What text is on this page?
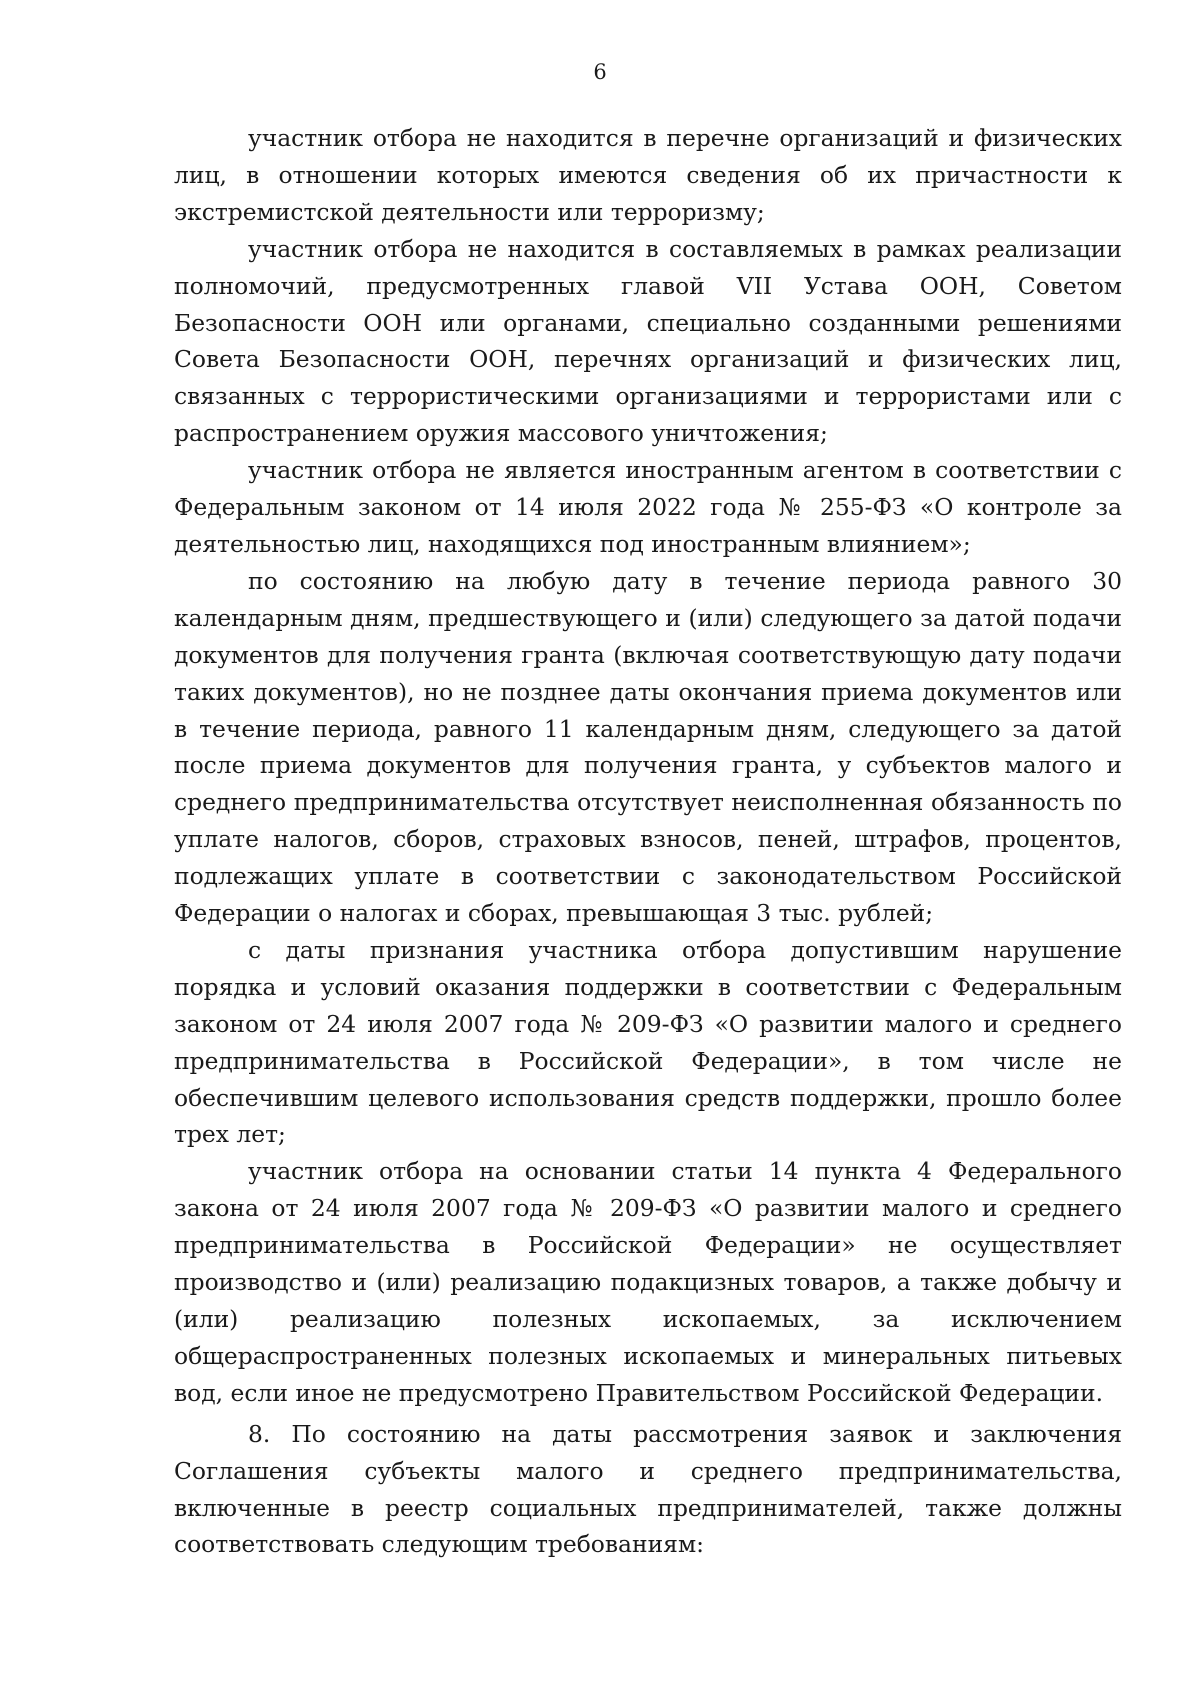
6

участник отбора не находится в перечне организаций и физических лиц, в отношении которых имеются сведения об их причастности к экстремистской деятельности или терроризму;

участник отбора не находится в составляемых в рамках реализации полномочий, предусмотренных главой VII Устава ООН, Советом Безопасности ООН или органами, специально созданными решениями Совета Безопасности ООН, перечнях организаций и физических лиц, связанных с террористическими организациями и террористами или с распространением оружия массового уничтожения;

участник отбора не является иностранным агентом в соответствии с Федеральным законом от 14 июля 2022 года № 255-ФЗ «О контроле за деятельностью лиц, находящихся под иностранным влиянием»;

по состоянию на любую дату в течение периода равного 30 календарным дням, предшествующего и (или) следующего за датой подачи документов для получения гранта (включая соответствующую дату подачи таких документов), но не позднее даты окончания приема документов или в течение периода, равного 11 календарным дням, следующего за датой после приема документов для получения гранта, у субъектов малого и среднего предпринимательства отсутствует неисполненная обязанность по уплате налогов, сборов, страховых взносов, пеней, штрафов, процентов, подлежащих уплате в соответствии с законодательством Российской Федерации о налогах и сборах, превышающая 3 тыс. рублей;

с даты признания участника отбора допустившим нарушение порядка и условий оказания поддержки в соответствии с Федеральным законом от 24 июля 2007 года № 209-ФЗ «О развитии малого и среднего предпринимательства в Российской Федерации», в том числе не обеспечившим целевого использования средств поддержки, прошло более трех лет;

участник отбора на основании статьи 14 пункта 4 Федерального закона от 24 июля 2007 года № 209-ФЗ «О развитии малого и среднего предпринимательства в Российской Федерации» не осуществляет производство и (или) реализацию подакцизных товаров, а также добычу и (или) реализацию полезных ископаемых, за исключением общераспространенных полезных ископаемых и минеральных питьевых вод, если иное не предусмотрено Правительством Российской Федерации.

8. По состоянию на даты рассмотрения заявок и заключения Соглашения субъекты малого и среднего предпринимательства, включенные в реестр социальных предпринимателей, также должны соответствовать следующим требованиям:
